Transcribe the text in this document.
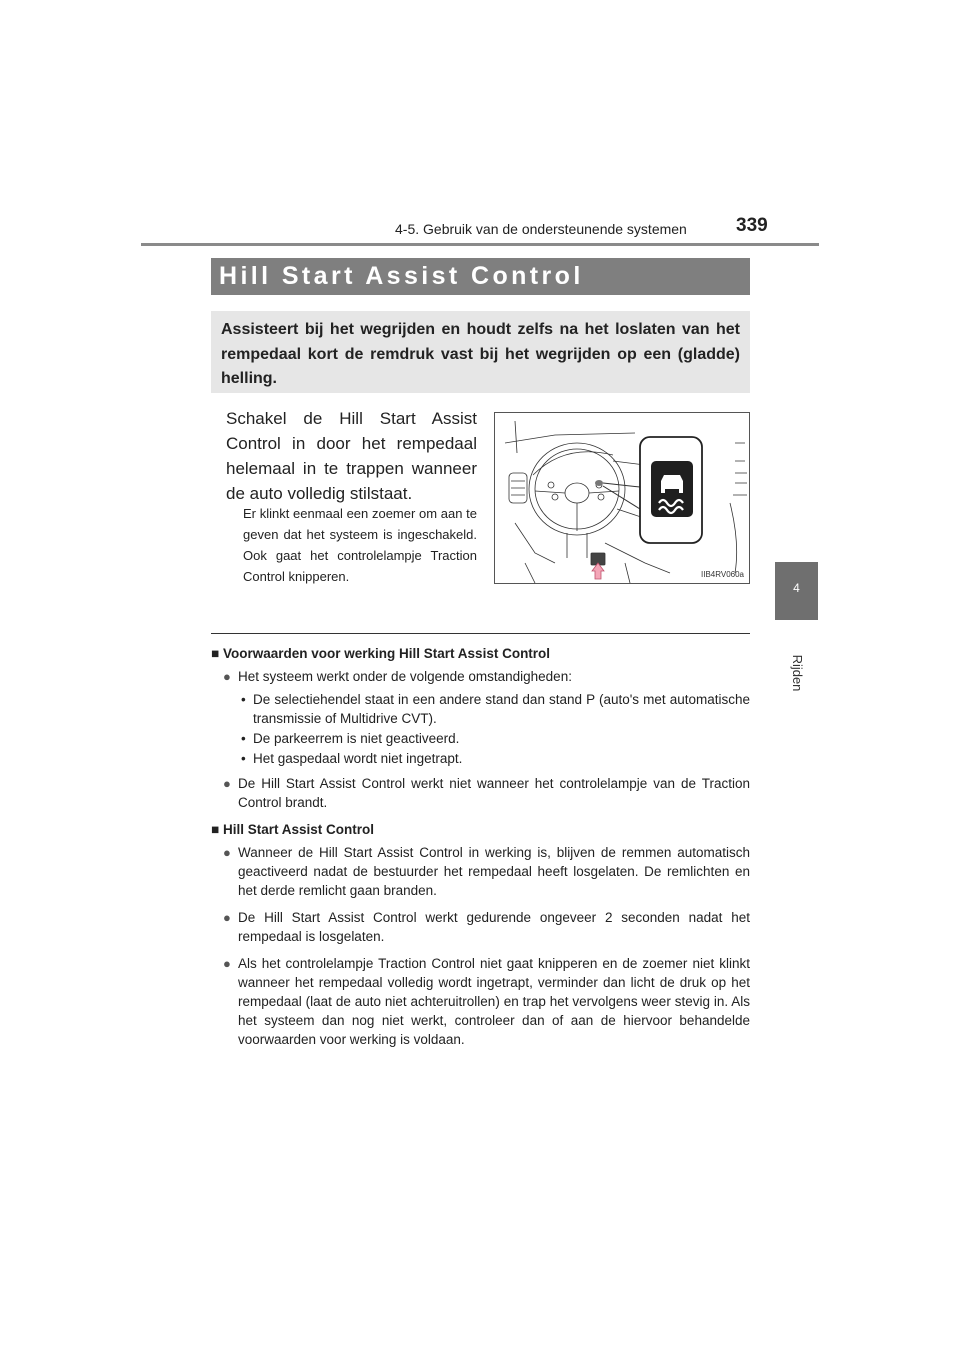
4-5. Gebruik van de ondersteunende systemen	339
4
Rijden
Hill Start Assist Control

Assisteert bij het wegrijden en houdt zelfs na het loslaten van het rempedaal kort de remdruk vast bij het wegrijden op een (gladde) helling.

Schakel de Hill Start Assist Control in door het rempedaal helemaal in te trappen wanneer de auto volledig stilstaat.
Er klinkt eenmaal een zoemer om aan te geven dat het systeem is ingeschakeld. Ook gaat het controlelampje Traction Control knipperen.	IIB4RV060a
■ Voorwaarden voor werking Hill Start Assist Control
● Het systeem werkt onder de volgende omstandigheden:
• De selectiehendel staat in een andere stand dan stand P (auto's met automatische transmissie of Multidrive CVT).
• De parkeerrem is niet geactiveerd.
• Het gaspedaal wordt niet ingetrapt.
● De Hill Start Assist Control werkt niet wanneer het controlelampje van de Traction Control brandt.
■ Hill Start Assist Control
● Wanneer de Hill Start Assist Control in werking is, blijven de remmen automatisch geactiveerd nadat de bestuurder het rempedaal heeft losgelaten. De remlichten en het derde remlicht gaan branden.
● De Hill Start Assist Control werkt gedurende ongeveer 2 seconden nadat het rempedaal is losgelaten.
● Als het controlelampje Traction Control niet gaat knipperen en de zoemer niet klinkt wanneer het rempedaal volledig wordt ingetrapt, verminder dan licht de druk op het rempedaal (laat de auto niet achteruitrollen) en trap het vervolgens weer stevig in. Als het systeem dan nog niet werkt, controleer dan of aan de hiervoor behandelde voorwaarden voor werking is voldaan.
